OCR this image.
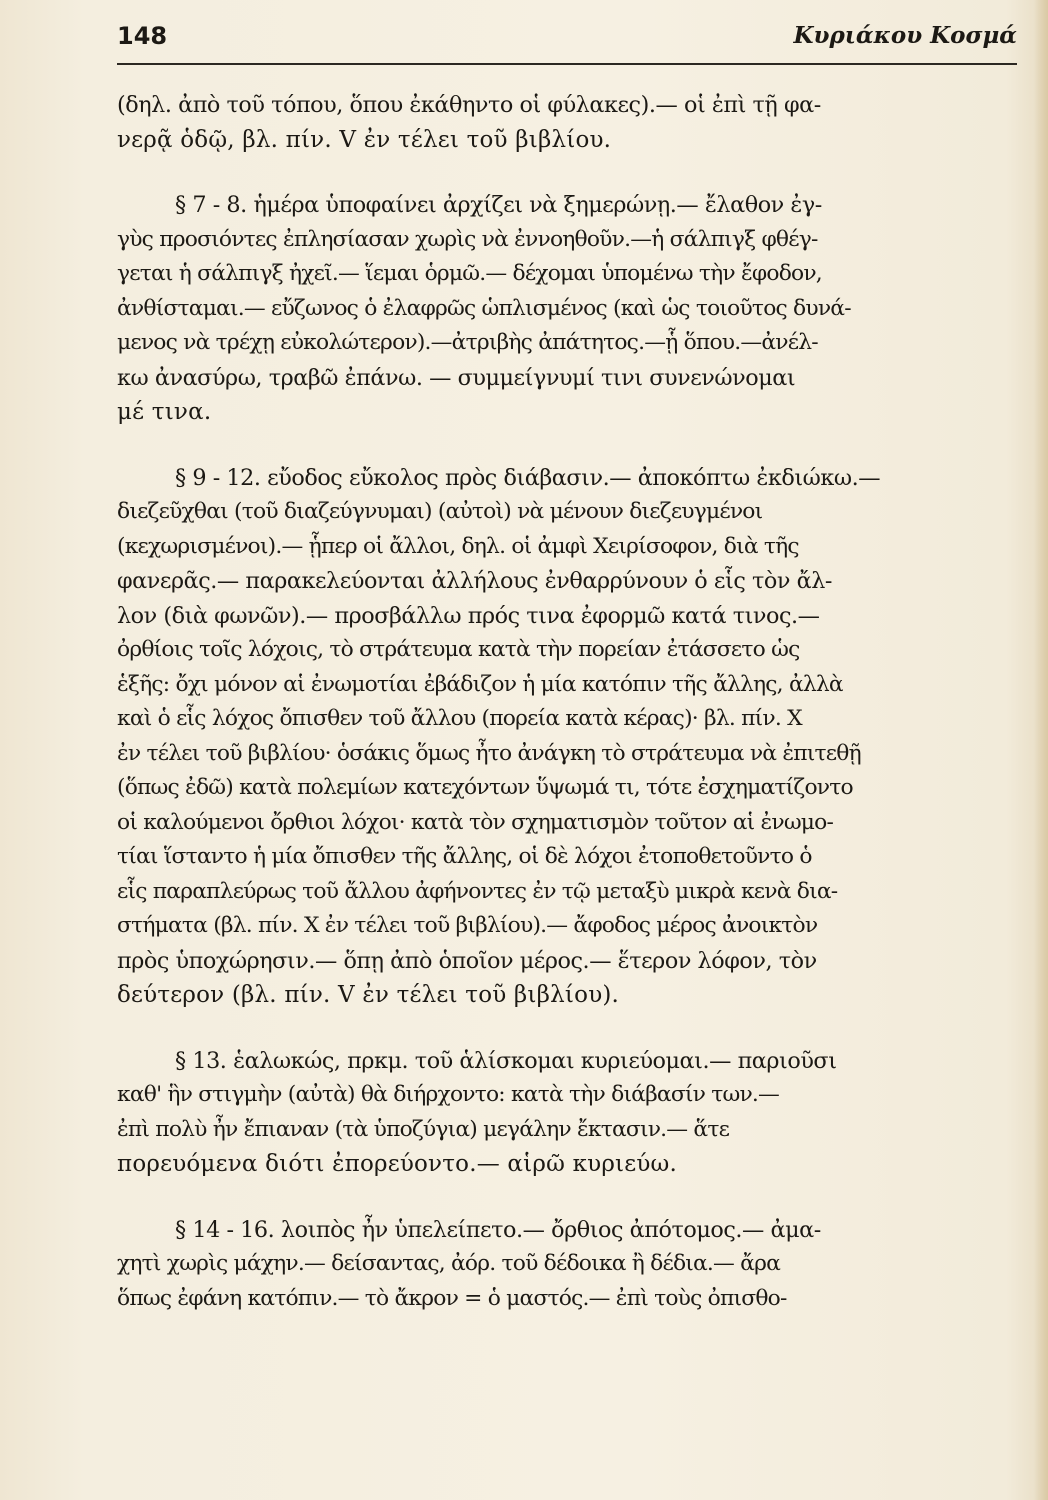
148	Κυριάκου Κοσμά
(δηλ. ἀπὸ τοῦ τόπου, ὅπου ἐκάθηντο οἱ φύλακες).— οἱ ἐπὶ τῇ φα-
νερᾷ ὁδῷ, βλ. πίν. V ἐν τέλει τοῦ βιβλίου.
§ 7 - 8. ἡμέρα ὑποφαίνει ἀρχίζει νὰ ξημερώνῃ.— ἔλαθον ἐγ-
γὺς προσιόντες ἐπλησίασαν χωρὶς νὰ ἐννοηθοῦν.—ἡ σάλπιγξ φθέγ-
γεται ἡ σάλπιγξ ἠχεῖ.— ἵεμαι ὁρμῶ.— δέχομαι ὑπομένω τὴν ἔφοδον,
ἀνθίσταμαι.— εὔζωνος ὁ ἐλαφρῶς ὡπλισμένος (καὶ ὡς τοιοῦτος δυνά-
μενος νὰ τρέχῃ εὐκολώτερον).—ἀτριβὴς ἀπάτητος.—ᾗ ὅπου.—ἀνέλ-
κω ἀνασύρω, τραβῶ ἐπάνω. — συμμείγνυμί τινι συνενώνομαι
μέ τινα.
§ 9 - 12. εὔοδος εὔκολος πρὸς διάβασιν.— ἀποκόπτω ἐκδιώκω.—
διεζεῦχθαι (τοῦ διαζεύγνυμαι) (αὐτοὶ) νὰ μένουν διεζευγμένοι
(κεχωρισμένοι).— ᾗπερ οἱ ἄλλοι, δηλ. οἱ ἀμφὶ Χειρίσοφον, διὰ τῆς
φανερᾶς.— παρακελεύονται ἀλλήλους ἐνθαρρύνουν ὁ εἷς τὸν ἄλ-
λον (διὰ φωνῶν).— προσβάλλω πρός τινα ἐφορμῶ κατά τινος.—
ὀρθίοις τοῖς λόχοις, τὸ στράτευμα κατὰ τὴν πορείαν ἐτάσσετο ὡς
ἑξῆς: ὄχι μόνον αἱ ἐνωμοτίαι ἐβάδιζον ἡ μία κατόπιν τῆς ἄλλης, ἀλλὰ
καὶ ὁ εἷς λόχος ὄπισθεν τοῦ ἄλλου (πορεία κατὰ κέρας)· βλ. πίν. X
ἐν τέλει τοῦ βιβλίου· ὁσάκις ὅμως ἦτο ἀνάγκη τὸ στράτευμα νὰ ἐπιτεθῇ
(ὅπως ἐδῶ) κατὰ πολεμίων κατεχόντων ὕψωμά τι, τότε ἐσχηματίζοντο
οἱ καλούμενοι ὄρθιοι λόχοι· κατὰ τὸν σχηματισμὸν τοῦτον αἱ ἐνωμο-
τίαι ἵσταντο ἡ μία ὄπισθεν τῆς ἄλλης, οἱ δὲ λόχοι ἐτοποθετοῦντο ὁ
εἷς παραπλεύρως τοῦ ἄλλου ἀφήνοντες ἐν τῷ μεταξὺ μικρὰ κενὰ δια-
στήματα (βλ. πίν. X ἐν τέλει τοῦ βιβλίου).— ἄφοδος μέρος ἀνοικτὸν
πρὸς ὑποχώρησιν.— ὅπῃ ἀπὸ ὁποῖον μέρος.— ἕτερον λόφον, τὸν
δεύτερον (βλ. πίν. V ἐν τέλει τοῦ βιβλίου).
§ 13. ἑαλωκώς, πρκμ. τοῦ ἁλίσκομαι κυριεύομαι.— παριοῦσι
καθ' ἣν στιγμὴν (αὐτὰ) θὰ διήρχοντο: κατὰ τὴν διάβασίν των.—
ἐπὶ πολὺ ἦν ἔπιαναν (τὰ ὑποζύγια) μεγάλην ἔκτασιν.— ἅτε
πορευόμενα διότι ἐπορεύοντο.— αἱρῶ κυριεύω.
§ 14 - 16. λοιπὸς ἦν ὑπελείπετο.— ὄρθιος ἀπότομος.— ἀμα-
χητὶ χωρὶς μάχην.— δείσαντας, ἀόρ. τοῦ δέδοικα ἢ δέδια.— ἄρα
ὅπως ἐφάνη κατόπιν.— τὸ ἄκρον = ὁ μαστός.— ἐπὶ τοὺς ὀπισθο-
